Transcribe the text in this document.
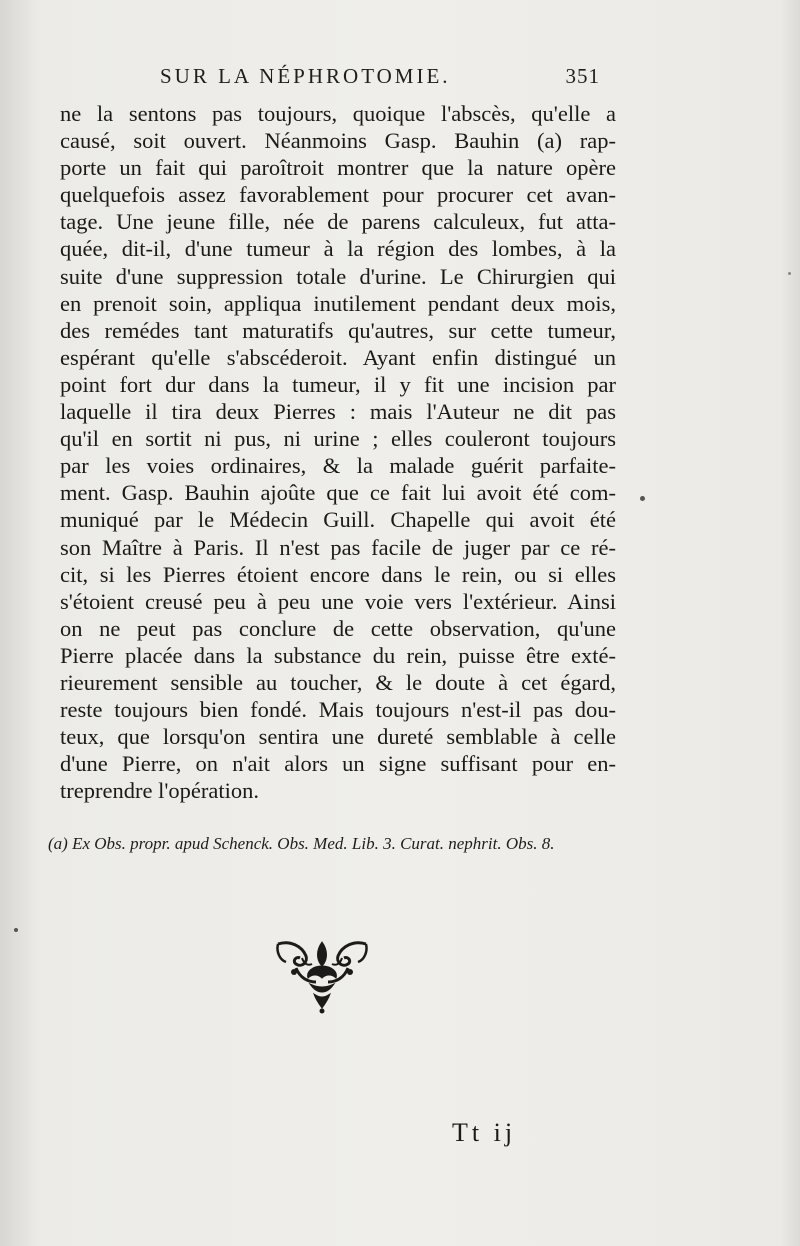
SUR LA NÉPHROTOMIE.	351
ne la sentons pas toujours, quoique l'abscès, qu'elle a
causé, soit ouvert. Néanmoins Gasp. Bauhin (a) rap-
porte un fait qui paroîtroit montrer que la nature opère
quelquefois assez favorablement pour procurer cet avan-
tage. Une jeune fille, née de parens calculeux, fut atta-
quée, dit-il, d'une tumeur à la région des lombes, à la
suite d'une suppression totale d'urine. Le Chirurgien qui
en prenoit soin, appliqua inutilement pendant deux mois,
des remédes tant maturatifs qu'autres, sur cette tumeur,
espérant qu'elle s'abscéderoit. Ayant enfin distingué un
point fort dur dans la tumeur, il y fit une incision par
laquelle il tira deux Pierres : mais l'Auteur ne dit pas
qu'il en sortit ni pus, ni urine ; elles couleront toujours
par les voies ordinaires, & la malade guérit parfaite-
ment. Gasp. Bauhin ajoûte que ce fait lui avoit été com-
muniqué par le Médecin Guill. Chapelle qui avoit été
son Maître à Paris. Il n'est pas facile de juger par ce ré-
cit, si les Pierres étoient encore dans le rein, ou si elles
s'étoient creusé peu à peu une voie vers l'extérieur. Ainsi
on ne peut pas conclure de cette observation, qu'une
Pierre placée dans la substance du rein, puisse être exté-
rieurement sensible au toucher, & le doute à cet égard,
reste toujours bien fondé. Mais toujours n'est-il pas dou-
teux, que lorsqu'on sentira une dureté semblable à celle
d'une Pierre, on n'ait alors un signe suffisant pour en-
treprendre l'opération.
(a) Ex Obs. propr. apud Schenck. Obs. Med. Lib. 3. Curat. nephrit. Obs. 8.
Tt ij
